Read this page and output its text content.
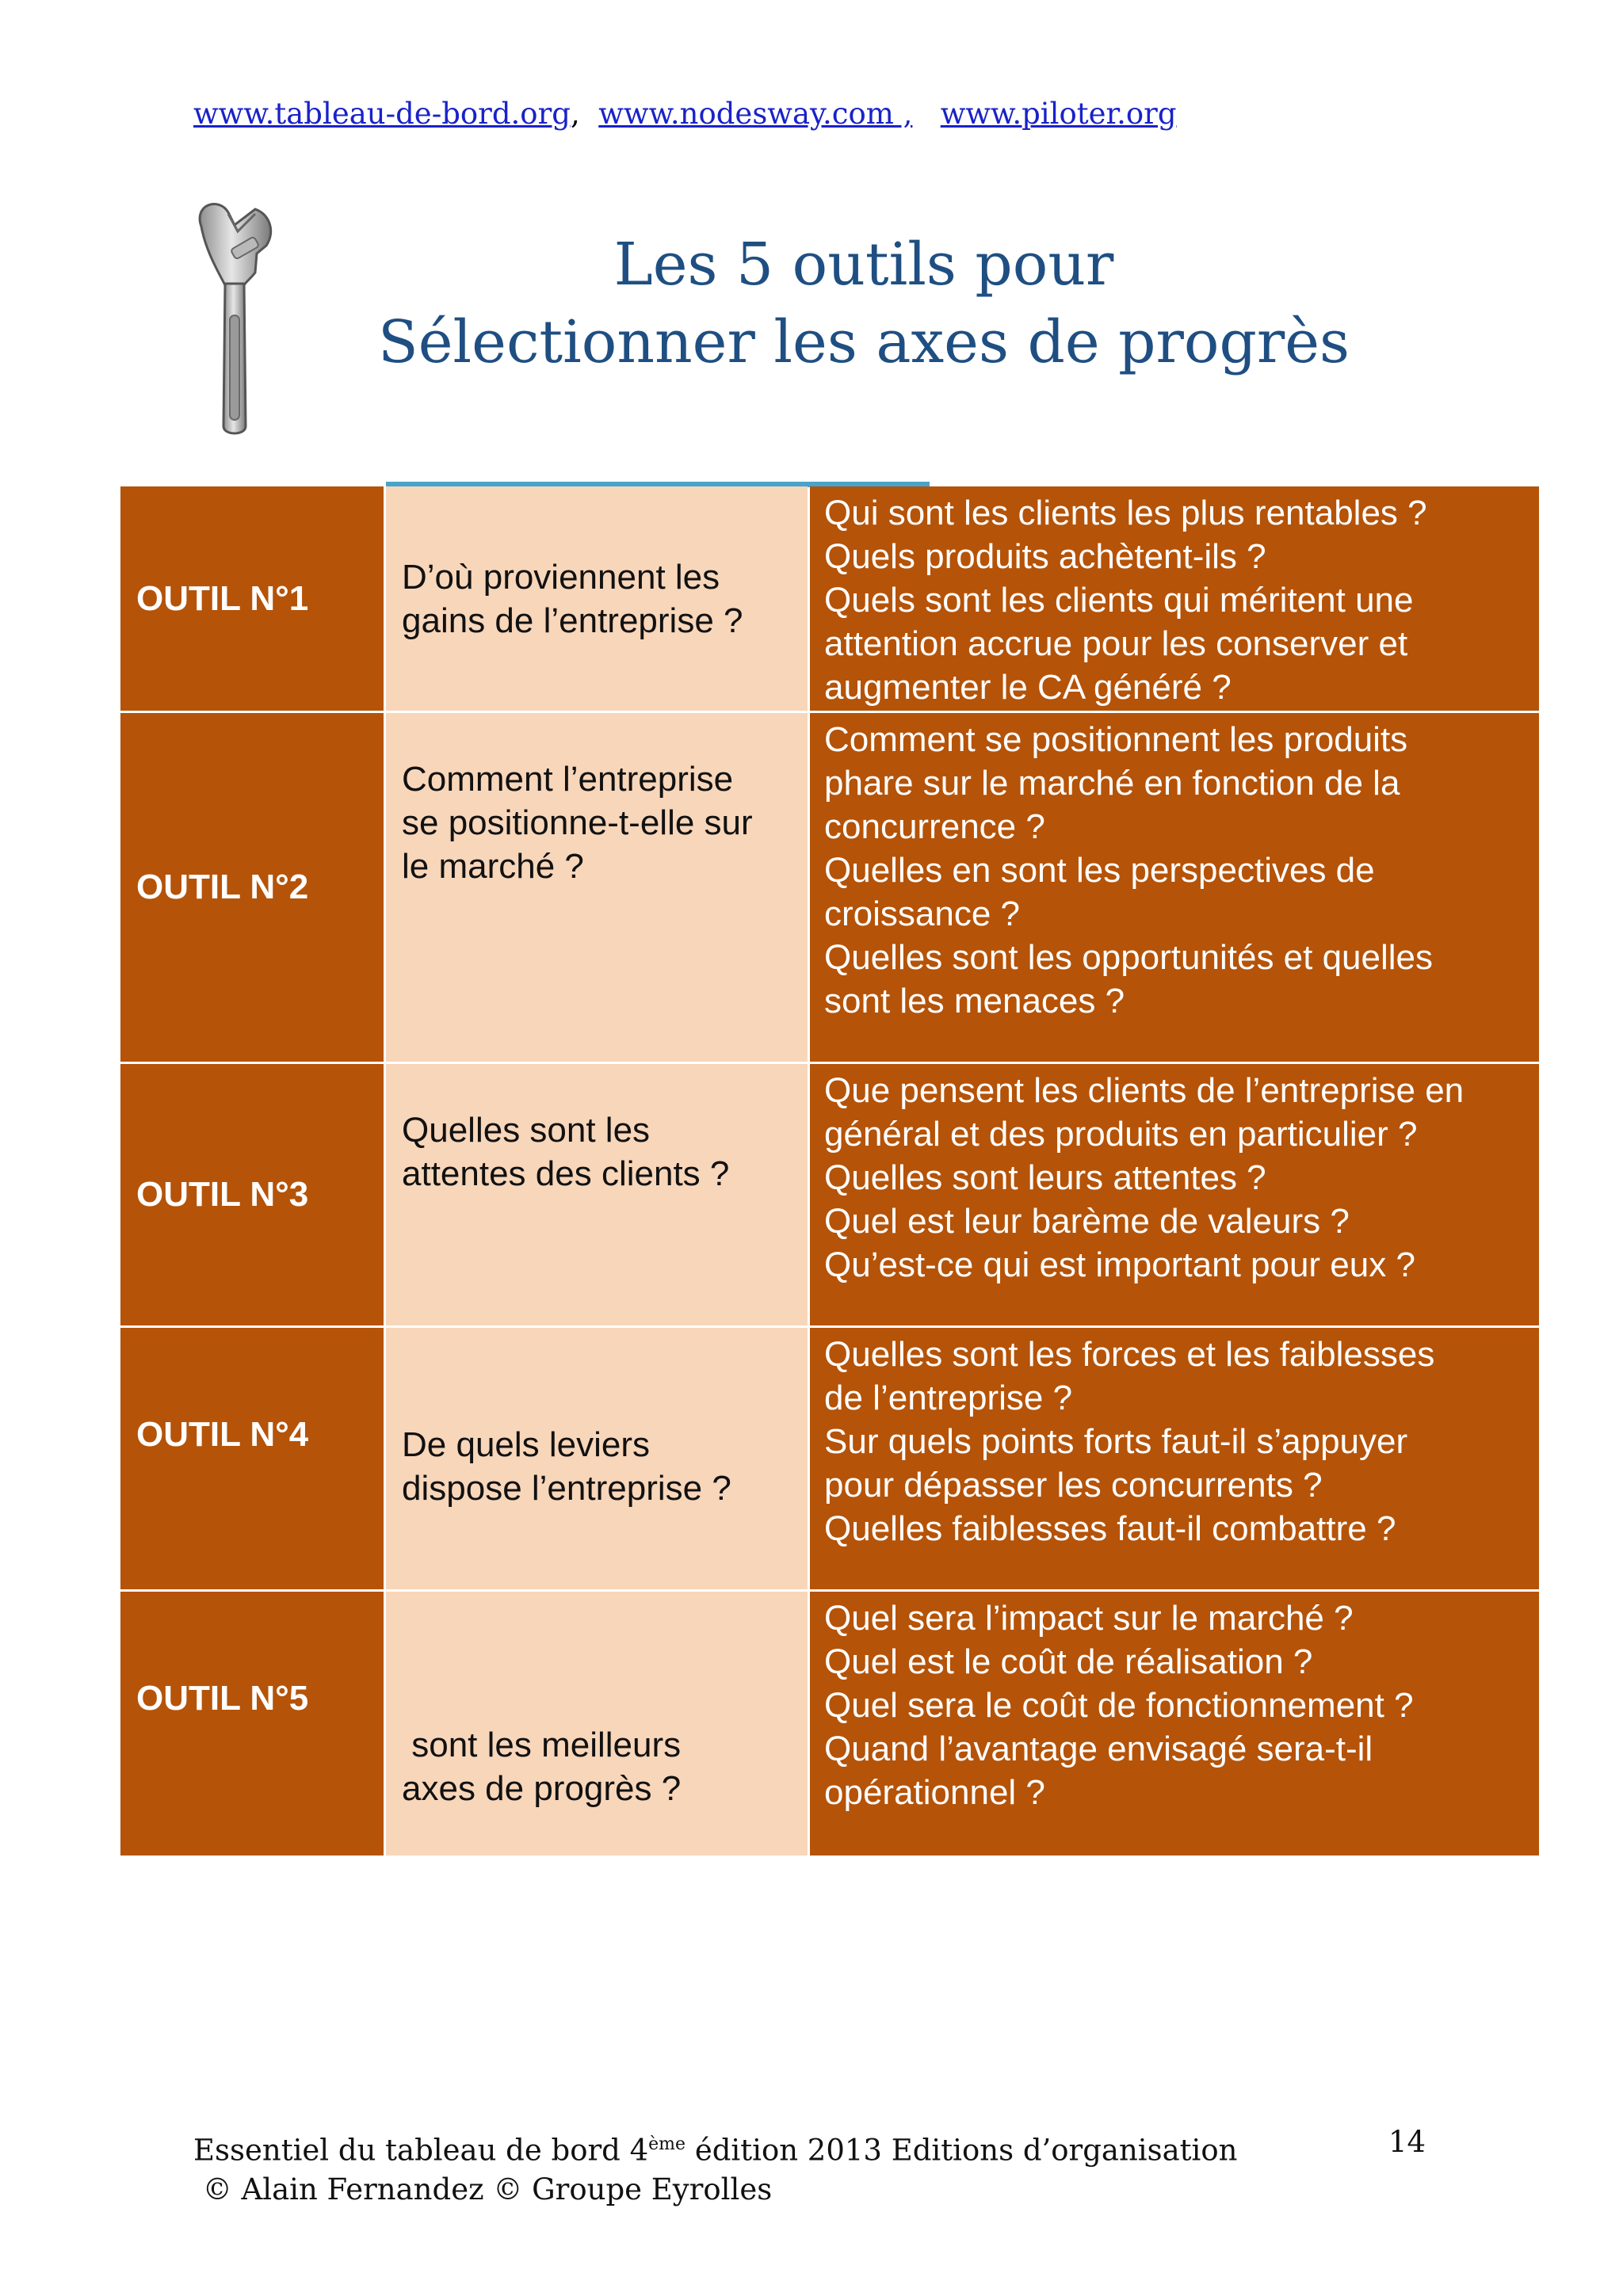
www.tableau-de-bord.org, www.nodesway.com , www.piloter.org
Les 5 outils pour
Sélectionner les axes de progrès
OUTIL N°1
D’où proviennent les
gains de l’entreprise ?
Qui sont les clients les plus rentables ?
Quels produits achètent-ils ?
Quels sont les clients qui méritent une
attention accrue pour les conserver et
augmenter le CA généré ?
OUTIL N°2
Comment l’entreprise
se positionne-t-elle sur
le marché ?
Comment se positionnent les produits
phare sur le marché en fonction de la
concurrence ?
Quelles en sont les perspectives de
croissance ?
Quelles sont les opportunités et quelles
sont les menaces ?
OUTIL N°3
Quelles sont les
attentes des clients ?
Que pensent les clients de l’entreprise en
général et des produits en particulier ?
Quelles sont leurs attentes ?
Quel est leur barème de valeurs ?
Qu’est-ce qui est important pour eux ?
OUTIL N°4	De quels leviers
dispose l’entreprise ?
Quelles sont les forces et les faiblesses
de l’entreprise ?
Sur quels points forts faut-il s’appuyer
pour dépasser les concurrents ?
Quelles faiblesses faut-il combattre ?
OUTIL N°5

sont les meilleurs
axes de progrès ?

Quel sera l’impact sur le marché ?
Quel est le coût de réalisation ?
Quel sera le coût de fonctionnement ?
Quand l’avantage envisagé sera-t-il
opérationnel ?
Essentiel du tableau de bord 4ème édition 2013 Editions d’organisation
© Alain Fernandez © Groupe Eyrolles
14
